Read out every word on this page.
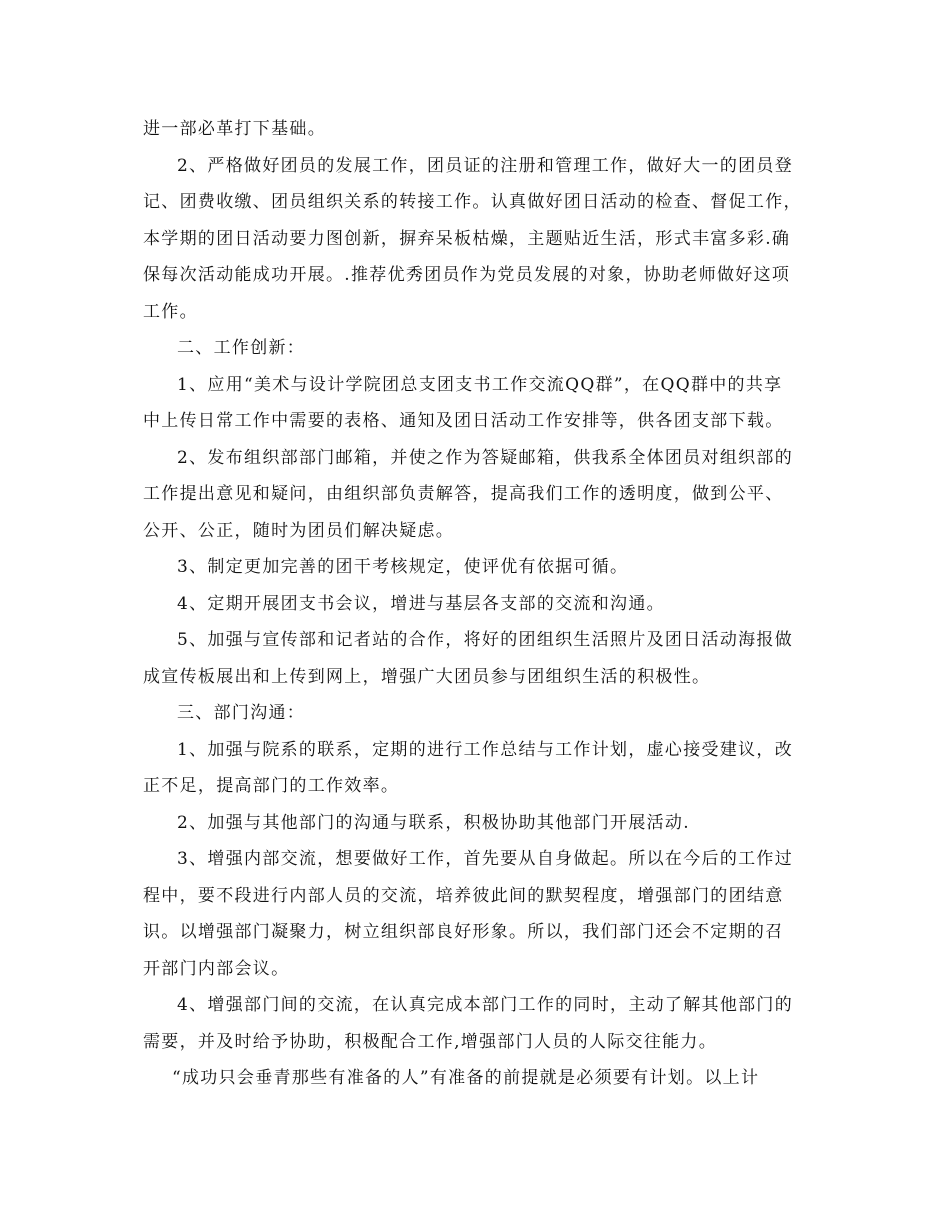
进一部必革打下基础。
2、严格做好团员的发展工作，团员证的注册和管理工作，做好大一的团员登
记、团费收缴、团员组织关系的转接工作。认真做好团日活动的检查、督促工作，
本学期的团日活动要力图创新，摒弃呆板枯燥，主题贴近生活，形式丰富多彩.确
保每次活动能成功开展。.推荐优秀团员作为党员发展的对象，协助老师做好这项
工作。
二、工作创新：
1、应用“美术与设计学院团总支团支书工作交流QQ群”，在QQ群中的共享
中上传日常工作中需要的表格、通知及团日活动工作安排等，供各团支部下载。
2、发布组织部部门邮箱，并使之作为答疑邮箱，供我系全体团员对组织部的
工作提出意见和疑问，由组织部负责解答，提高我们工作的透明度，做到公平、
公开、公正，随时为团员们解决疑虑。
3、制定更加完善的团干考核规定，使评优有依据可循。
4、定期开展团支书会议，增进与基层各支部的交流和沟通。
5、加强与宣传部和记者站的合作，将好的团组织生活照片及团日活动海报做
成宣传板展出和上传到网上，增强广大团员参与团组织生活的积极性。
三、部门沟通：
1、加强与院系的联系，定期的进行工作总结与工作计划，虚心接受建议，改
正不足，提高部门的工作效率。
2、加强与其他部门的沟通与联系，积极协助其他部门开展活动.
3、增强内部交流，想要做好工作，首先要从自身做起。所以在今后的工作过
程中，要不段进行内部人员的交流，培养彼此间的默契程度，增强部门的团结意
识。以增强部门凝聚力，树立组织部良好形象。所以，我们部门还会不定期的召
开部门内部会议。
4、增强部门间的交流，在认真完成本部门工作的同时，主动了解其他部门的
需要，并及时给予协助，积极配合工作,增强部门人员的人际交往能力。
“成功只会垂青那些有准备的人”有准备的前提就是必须要有计划。以上计
